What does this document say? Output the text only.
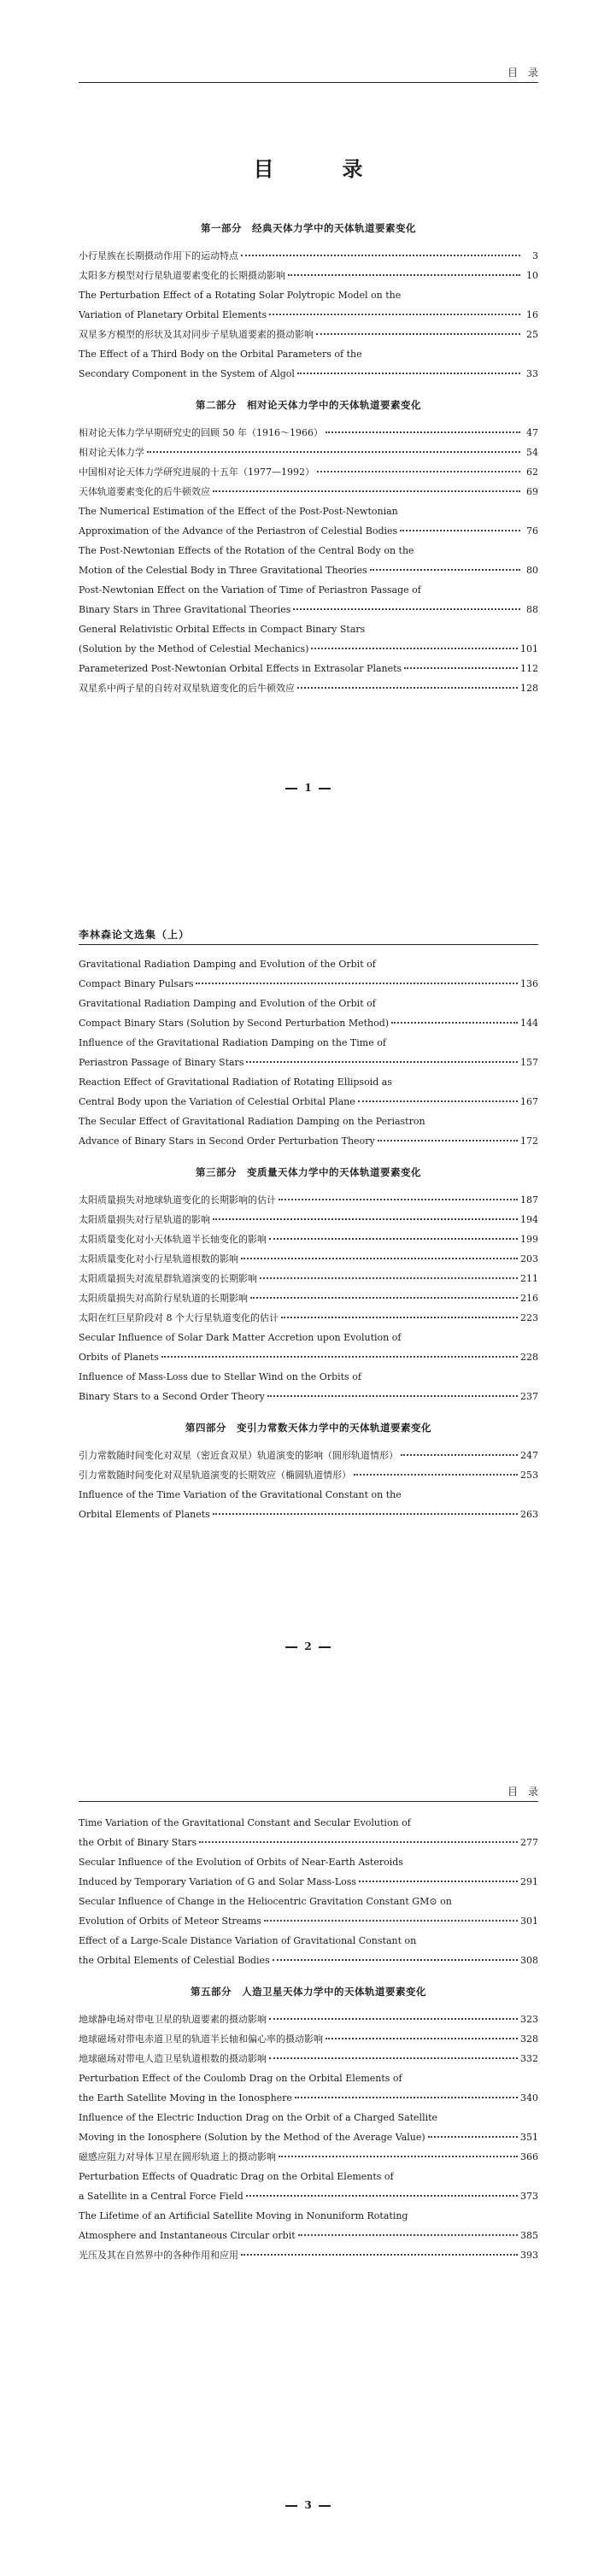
目　录
目　录
第一部分　经典天体力学中的天体轨道要素变化
小行星族在长期摄动作用下的运动特点	3
太阳多方模型对行星轨道要素变化的长期摄动影响	10
The Perturbation Effect of a Rotating Solar Polytropic Model on the
Variation of Planetary Orbital Elements	16
双星多方模型的形状及其对同步子星轨道要素的摄动影响	25
The Effect of a Third Body on the Orbital Parameters of the
Secondary Component in the System of Algol	33
第二部分　相对论天体力学中的天体轨道要素变化
相对论天体力学早期研究史的回顾 50 年（1916～1966）	47
相对论天体力学	54
中国相对论天体力学研究进展的十五年（1977—1992）	62
天体轨道要素变化的后牛顿效应	69
The Numerical Estimation of the Effect of the Post-Post-Newtonian
Approximation of the Advance of the Periastron of Celestial Bodies	76
The Post-Newtonian Effects of the Rotation of the Central Body on the
Motion of the Celestial Body in Three Gravitational Theories	80
Post-Newtonian Effect on the Variation of Time of Periastron Passage of
Binary Stars in Three Gravitational Theories	88
General Relativistic Orbital Effects in Compact Binary Stars
(Solution by the Method of Celestial Mechanics)	101
Parameterized Post-Newtonian Orbital Effects in Extrasolar Planets	112
双星系中两子星的自转对双星轨道变化的后牛顿效应	128
1
李林森论文选集（上）
Gravitational Radiation Damping and Evolution of the Orbit of
Compact Binary Pulsars	136
Gravitational Radiation Damping and Evolution of the Orbit of
Compact Binary Stars (Solution by Second Perturbation Method)	144
Influence of the Gravitational Radiation Damping on the Time of
Periastron Passage of Binary Stars	157
Reaction Effect of Gravitational Radiation of Rotating Ellipsoid as
Central Body upon the Variation of Celestial Orbital Plane	167
The Secular Effect of Gravitational Radiation Damping on the Periastron
Advance of Binary Stars in Second Order Perturbation Theory	172
第三部分　变质量天体力学中的天体轨道要素变化
太阳质量损失对地球轨道变化的长期影响的估计	187
太阳质量损失对行星轨道的影响	194
太阳质量变化对小天体轨道半长轴变化的影响	199
太阳质量变化对小行星轨道根数的影响	203
太阳质量损失对流星群轨道演变的长期影响	211
太阳质量损失对高阶行星轨道的长期影响	216
太阳在红巨星阶段对 8 个大行星轨道变化的估计	223
Secular Influence of Solar Dark Matter Accretion upon Evolution of
Orbits of Planets	228
Influence of Mass-Loss due to Stellar Wind on the Orbits of
Binary Stars to a Second Order Theory	237
第四部分　变引力常数天体力学中的天体轨道要素变化
引力常数随时间变化对双星（密近食双星）轨道演变的影响（圆形轨道情形）	247
引力常数随时间变化对双星轨道演变的长期效应（椭圆轨道情形）	253
Influence of the Time Variation of the Gravitational Constant on the
Orbital Elements of Planets	263
2
目　录
Time Variation of the Gravitational Constant and Secular Evolution of
the Orbit of Binary Stars	277
Secular Influence of the Evolution of Orbits of Near-Earth Asteroids
Induced by Temporary Variation of G and Solar Mass-Loss	291
Secular Influence of Change in the Heliocentric Gravitation Constant GM⊙ on
Evolution of Orbits of Meteor Streams	301
Effect of a Large-Scale Distance Variation of Gravitational Constant on
the Orbital Elements of Celestial Bodies	308
第五部分　人造卫星天体力学中的天体轨道要素变化
地球静电场对带电卫星的轨道要素的摄动影响	323
地球磁场对带电赤道卫星的轨道半长轴和偏心率的摄动影响	328
地球磁场对带电人造卫星轨道根数的摄动影响	332
Perturbation Effect of the Coulomb Drag on the Orbital Elements of
the Earth Satellite Moving in the Ionosphere	340
Influence of the Electric Induction Drag on the Orbit of a Charged Satellite
Moving in the Ionosphere (Solution by the Method of the Average Value)	351
磁感应阻力对导体卫星在圆形轨道上的摄动影响	366
Perturbation Effects of Quadratic Drag on the Orbital Elements of
a Satellite in a Central Force Field	373
The Lifetime of an Artificial Satellite Moving in Nonuniform Rotating
Atmosphere and Instantaneous Circular orbit	385
光压及其在自然界中的各种作用和应用	393
3
